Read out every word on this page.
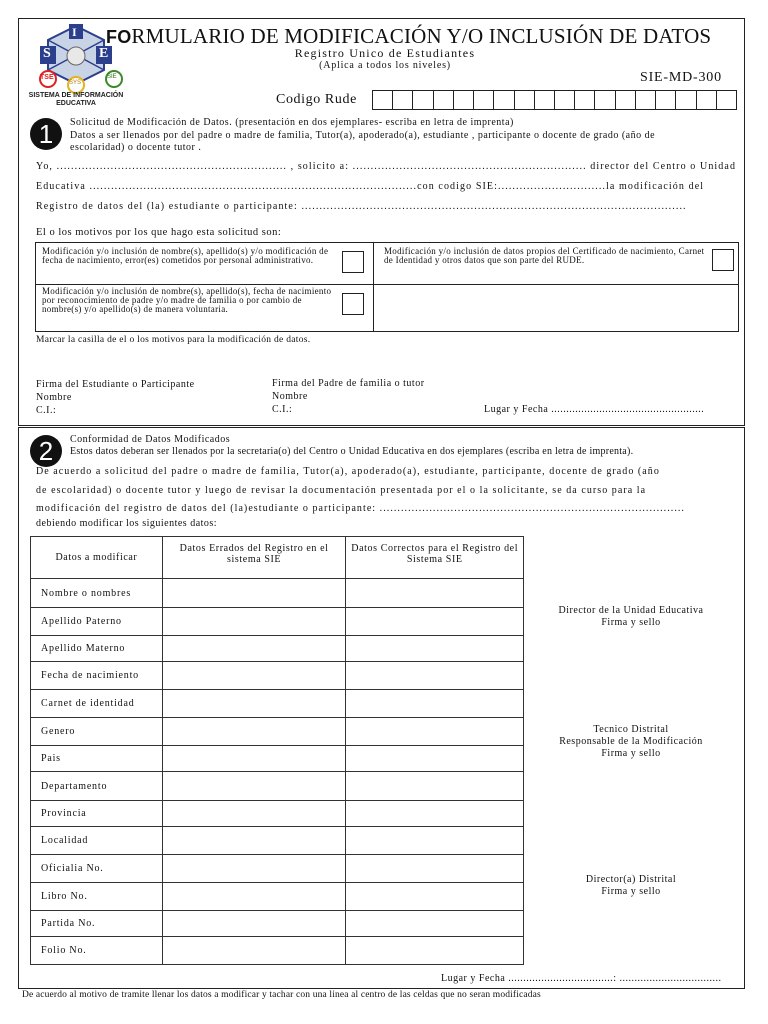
I
S	E
TSE
SYS
SIE
SISTEMA DE INFORMACIÓN
EDUCATIVA
FORMULARIO DE MODIFICACIÓN Y/O INCLUSIÓN DE DATOS
Registro Unico de Estudiantes
(Aplica a todos los niveles)
SIE-MD-300
Codigo Rude
1	Solicitud de Modificación de Datos. (presentación en dos ejemplares- escriba en letra de imprenta)
Datos a ser llenados por del padre o madre de familia, Tutor(a), apoderado(a), estudiante , participante o docente de grado (año de
escolaridad) o docente tutor .
Yo, ................................................................ , solicito a: ................................................................. director del Centro o Unidad
Educativa ...........................................................................................con codigo SIE:..............................la modificación del
Registro de datos del (la) estudiante o participante: ...........................................................................................................
El o los motivos por los que hago esta solicitud son:
Modificación y/o inclusión de nombre(s), apellido(s) y/o modificación de fecha de nacimiento, error(es) cometidos por personal administrativo.
Modificación y/o inclusión de datos propios del Certificado de nacimiento, Carnet de Identidad y otros datos que son parte del RUDE.
Modificación y/o inclusión de nombre(s), apellido(s), fecha de nacimiento por reconocimiento de padre y/o madre de familia o por cambio de nombre(s) y/o apellido(s) de manera voluntaria.
Marcar la casilla de el o los motivos para la modificación de datos.
Firma del Estudiante o Participante
Nombre
C.I.:
Firma del Padre de familia o tutor
Nombre
C.I.:	Lugar y Fecha ...................................................
2	Conformidad de Datos Modificados
Estos datos deberan ser llenados por la secretaria(o) del Centro o Unidad Educativa en dos ejemplares (escriba en letra de imprenta).
De acuerdo a solicitud del padre o madre de familia, Tutor(a), apoderado(a), estudiante, participante, docente de grado (año
de escolaridad) o docente tutor y luego de revisar la documentación presentada por el o la solicitante, se da curso para la
modificación del registro de datos del (la)estudiante o participante: ......................................................................................
debiendo modificar los siguientes datos:
Datos a modificar	Datos Errados del Registro en el sistema SIE	Datos Correctos para el Registro del Sistema SIE
Nombre o nombres		
Apellido Paterno		
Apellido Materno		
Fecha de nacimiento		
Carnet de identidad		
Genero		
Pais		
Departamento		
Provincia		
Localidad		
Oficialia No.		
Libro No.		
Partida No.		
Folio No.		
Director de la Unidad Educativa
Firma y sello
Tecnico Distrital
Responsable de la Modificación
Firma y sello
Director(a) Distrital
Firma y sello
Lugar y Fecha ...................................: ..................................
De acuerdo al motivo de tramite llenar los datos a modificar y tachar con una linea al centro de las celdas que no seran modificadas
